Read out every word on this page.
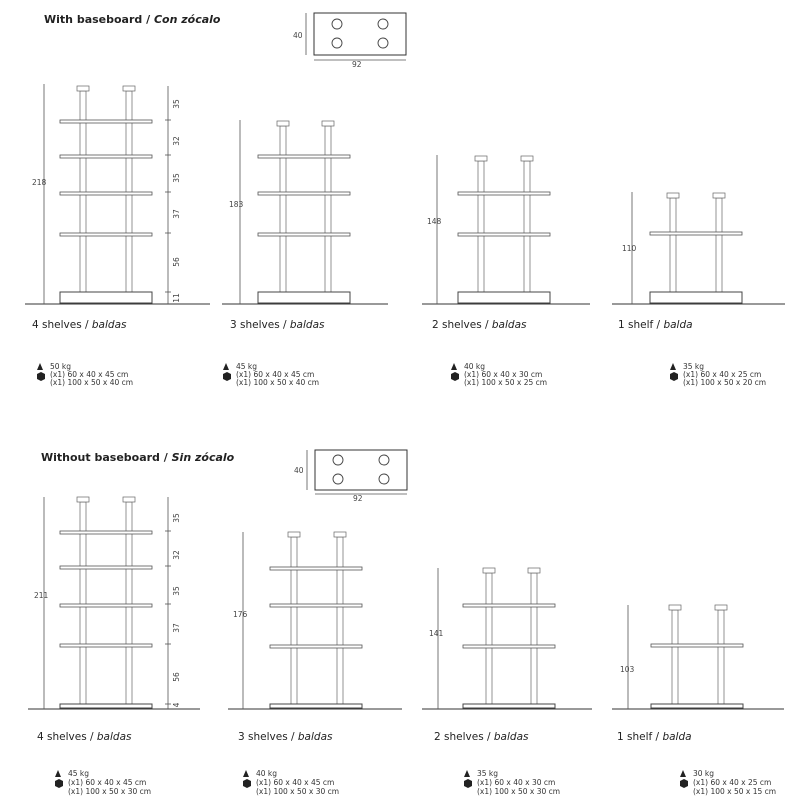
With baseboard / Con zócalo
40
92
218
35
32
35
37
56
11
4 shelves / baldas
50 kg
(x1) 60 x 40 x 45 cm
(x1) 100 x 50 x 40 cm
183
3 shelves / baldas
45 kg
(x1) 60 x 40 x 45 cm
(x1) 100 x 50 x 40 cm
148
2 shelves / baldas
40 kg
(x1) 60 x 40 x 30 cm
(x1) 100 x 50 x 25 cm
110
1 shelf / balda
35 kg
(x1) 60 x 40 x 25 cm
(x1) 100 x 50 x 20 cm
Without baseboard / Sin zócalo
40
92
211
35
32
35
37
56
4
4 shelves / baldas
45 kg
(x1) 60 x 40 x 45 cm
(x1) 100 x 50 x 30 cm
176
3 shelves / baldas
40 kg
(x1) 60 x 40 x 45 cm
(x1) 100 x 50 x 30 cm
141
2 shelves / baldas
35 kg
(x1) 60 x 40 x 30 cm
(x1) 100 x 50 x 30 cm
103
1 shelf / balda
30 kg
(x1) 60 x 40 x 25 cm
(x1) 100 x 50 x 15 cm
